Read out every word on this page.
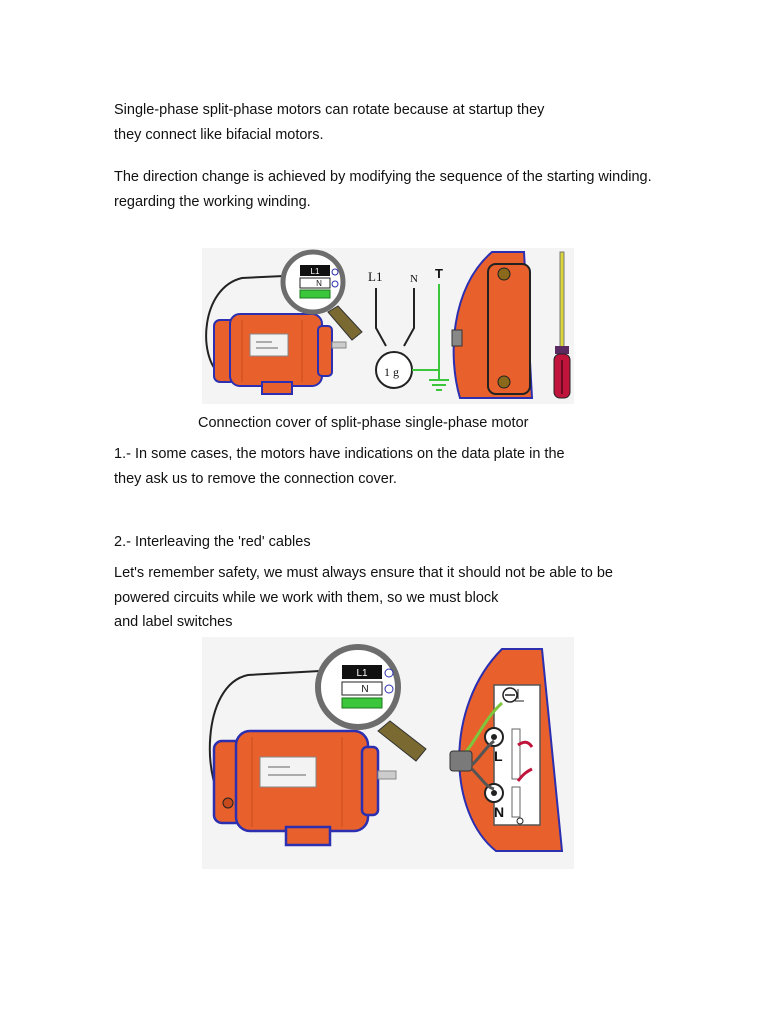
Single-phase split-phase motors can rotate because at startup they
they connect like bifacial motors.

The direction change is achieved by modifying the sequence of the starting winding.
regarding the working winding.

L1
N	L1	N T
1 g
Connection cover of split-phase single-phase motor

1.- In some cases, the motors have indications on the data plate in the
they ask us to remove the connection cover.

2.- Interleaving the 'red' cables

Let's remember safety, we must always ensure that it should not be able to be
powered circuits while we work with them, so we must block
and label switches

L1
N
L
N
